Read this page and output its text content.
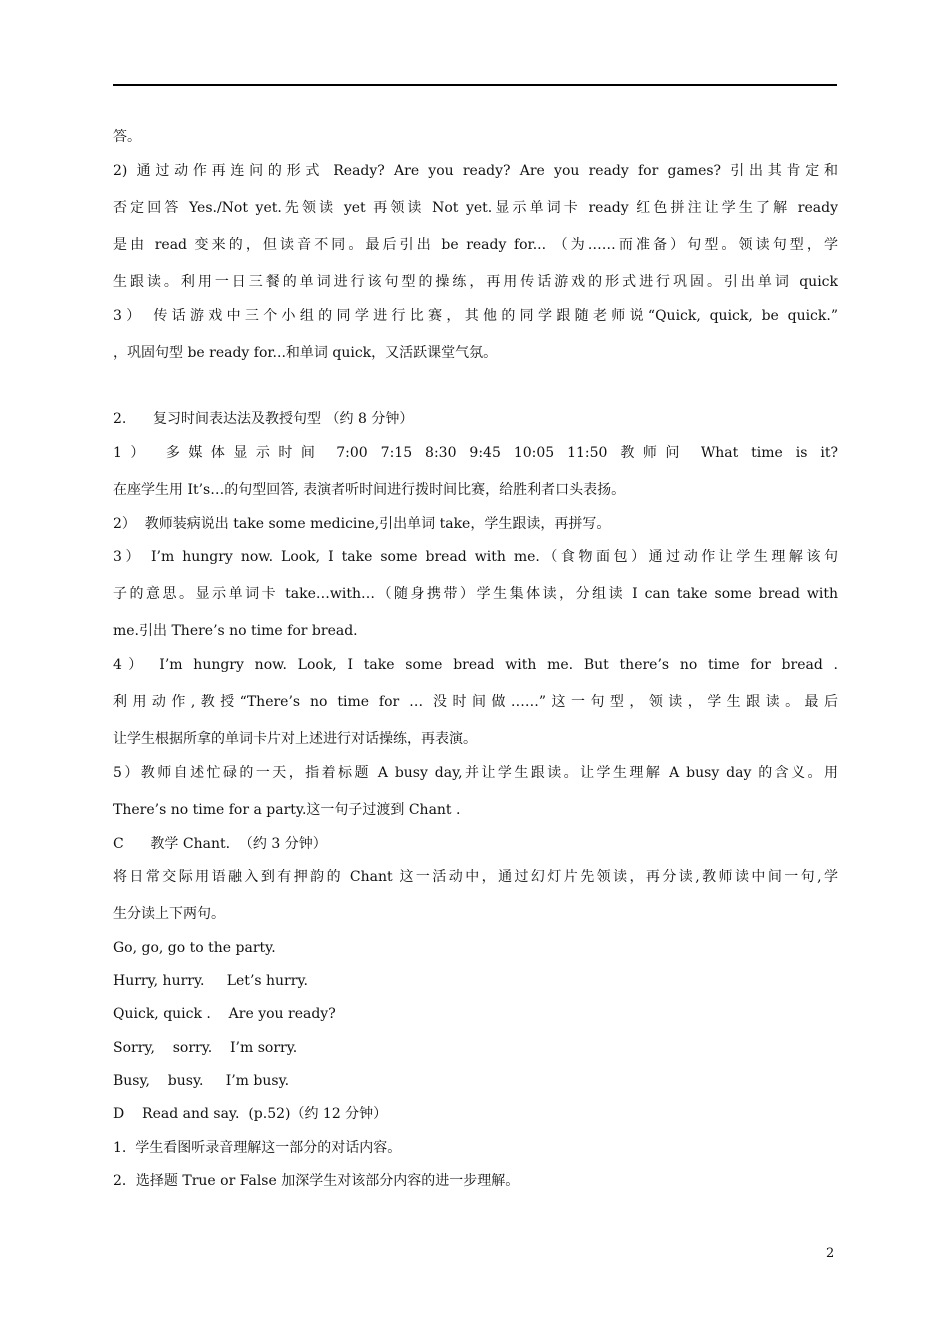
答。
2) 通过动作再连问的形式 Ready? Are you ready? Are you ready for games? 引出其肯定和
否定回答 Yes./Not yet.先领读 yet 再领读 Not yet.显示单词卡 ready 红色拼注让学生了解 ready
是由 read 变来的，但读音不同。最后引出 be ready for... （为……而准备）句型。领读句型，学
生跟读。利用一日三餐的单词进行该句型的操练，再用传话游戏的形式进行巩固。引出单词 quick
3） 传话游戏中三个小组的同学进行比赛，其他的同学跟随老师说“Quick, quick, be quick.”
，巩固句型 be ready for...和单词 quick，又活跃课堂气氛。
2.      复习时间表达法及教授句型 （约 8 分钟）
1） 多媒体显示时间 7:00 7:15 8:30 9:45 10:05 11:50 教师问 What time is it?
在座学生用 It’s…的句型回答, 表演者听时间进行拨时间比赛，给胜利者口头表扬。
2）  教师装病说出 take some medicine,引出单词 take，学生跟读，再拼写。
3） I’m hungry now. Look, I take some bread with me.（食物面包）通过动作让学生理解该句
子的意思。显示单词卡 take…with…（随身携带）学生集体读，分组读 I can take some bread with
me.引出 There’s no time for bread.
4） I’m hungry now. Look, I take some bread with me. But there’s no time for bread .
利用动作,教授“There’s no time for … 没时间做……”这一句型，领读，学生跟读。最后
让学生根据所拿的单词卡片对上述进行对话操练，再表演。
5）教师自述忙碌的一天，指着标题 A busy day,并让学生跟读。让学生理解 A busy day 的含义。用
There’s no time for a party.这一句子过渡到 Chant .
C      教学 Chant.  （约 3 分钟）
将日常交际用语融入到有押韵的 Chant 这一活动中，通过幻灯片先领读，再分读,教师读中间一句,学
生分读上下两句。
Go, go, go to the party.
Hurry, hurry.     Let’s hurry.
Quick, quick .    Are you ready?
Sorry,    sorry.    I’m sorry.
Busy,    busy.     I’m busy.
D    Read and say.  (p.52)（约 12 分钟）
1.  学生看图听录音理解这一部分的对话内容。
2．选择题 True or False 加深学生对该部分内容的进一步理解。
2
